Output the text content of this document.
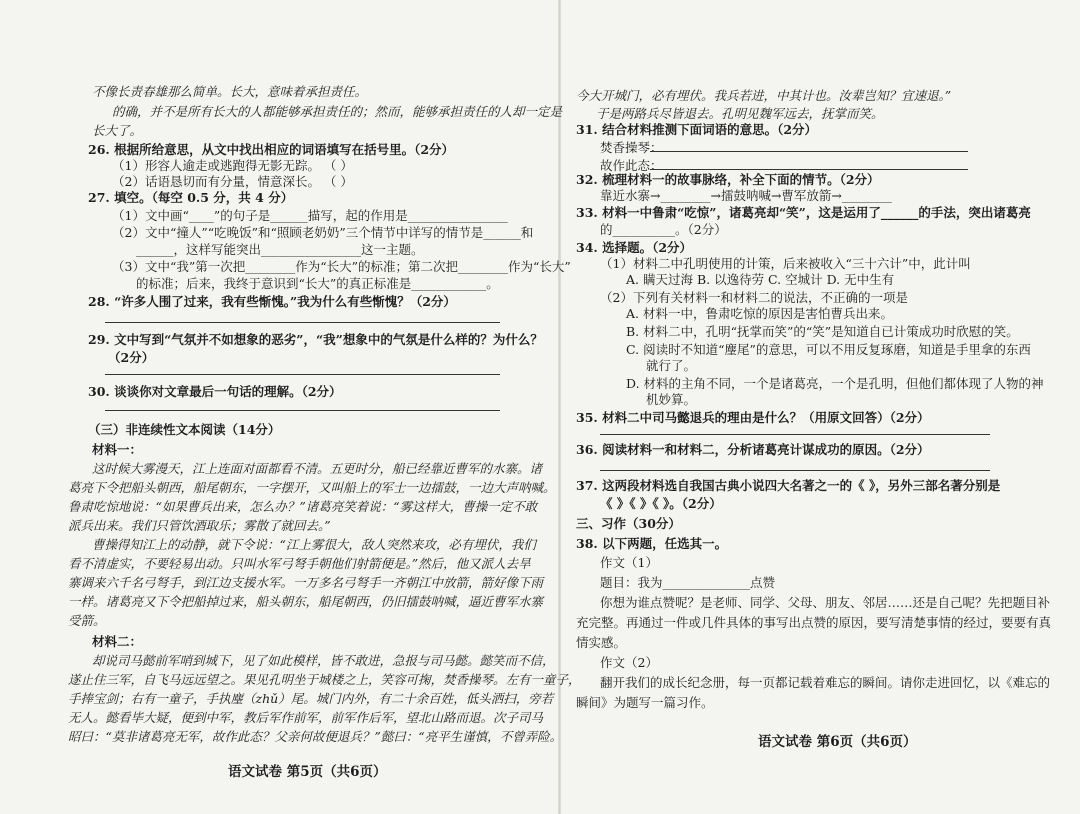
不像长责春雄那么简单。长大，意味着承担责任。
的确，并不是所有长大的人都能够承担责任的；然而，能够承担责任的人却一定是
长大了。
26. 根据所给意思，从文中找出相应的词语填写在括号里。（2分）
（1）形容人逾走或逃跑得无影无踪。 （ ）
（2）话语恳切而有分量，情意深长。 （ ）
27. 填空。（每空 0.5 分，共 4 分）
（1）文中画“____”的句子是______描写，起的作用是________________
（2）文中“撞人”“吃晚饭”和“照顾老奶奶”三个情节中详写的情节是______和
______，这样写能突出________________这一主题。
（3）文中“我”第一次把________作为“长大”的标准；第二次把________作为“长大”
的标准；后来，我终于意识到“长大”的真正标准是____________。
28. “许多人围了过来，我有些惭愧。”我为什么有些惭愧？（2分）
29. 文中写到“气氛并不如想象的恶劣”，“我”想象中的气氛是什么样的？为什么？
（2分）
30. 谈谈你对文章最后一句话的理解。（2分）
（三）非连续性文本阅读（14分）
材料一：
这时候大雾漫天，江上连面对面都看不清。五更时分，船已经靠近曹军的水寨。诸
葛亮下令把船头朝西，船尾朝东，一字摆开，又叫船上的军士一边擂鼓，一边大声呐喊。
鲁肃吃惊地说：“如果曹兵出来，怎么办？”诸葛亮笑着说：“雾这样大，曹操一定不敢
派兵出来。我们只管饮酒取乐；雾散了就回去。”
曹操得知江上的动静，就下令说：“江上雾很大，敌人突然来攻，必有埋伏，我们
看不清虚实，不要轻易出动。只叫水军弓弩手朝他们射箭便是。”然后，他又派人去旱
寨调来六千名弓弩手，到江边支援水军。一万多名弓弩手一齐朝江中放箭，箭好像下雨
一样。诸葛亮又下令把船掉过来，船头朝东，船尾朝西，仍旧擂鼓呐喊，逼近曹军水寨
受箭。
材料二：
却说司马懿前军哨到城下，见了如此模样，皆不敢进，急报与司马懿。懿笑而不信，
遂止住三军，自飞马远远望之。果见孔明坐于城楼之上，笑容可掬，焚香操琴。左有一童子，
手捧宝剑；右有一童子，手执麈（zhǔ）尾。城门内外，有二十余百姓，低头洒扫，旁若
无人。懿看毕大疑，便到中军，教后军作前军，前军作后军，望北山路而退。次子司马
昭曰：“莫非诸葛亮无军，故作此态？父亲何故便退兵？”懿曰：“亮平生谨慎，不曾弄险。
语文试卷 第5页（共6页）
今大开城门，必有埋伏。我兵若进，中其计也。汝辈岂知？宜速退。”
于是两路兵尽皆退去。孔明见魏军远去，抚掌而笑。
31. 结合材料推测下面词语的意思。（2分）
焚香操琴：
故作此态：
32. 梳理材料一的故事脉络，补全下面的情节。（2分）
靠近水寨→________→擂鼓呐喊→曹军放箭→________
33. 材料一中鲁肃“吃惊”，诸葛亮却“笑”，这是运用了______的手法，突出诸葛亮
的__________。（2分）
34. 选择题。（2分）
（1）材料二中孔明使用的计策，后来被收入“三十六计”中，此计叫
A. 瞒天过海 B. 以逸待劳 C. 空城计 D. 无中生有
（2）下列有关材料一和材料二的说法，不正确的一项是
A. 材料一中，鲁肃吃惊的原因是害怕曹兵出来。
B. 材料二中，孔明“抚掌而笑”的“笑”是知道自已计策成功时欣慰的笑。
C. 阅读时不知道“麈尾”的意思，可以不用反复琢磨，知道是手里拿的东西
就行了。
D. 材料的主角不同，一个是诸葛亮，一个是孔明，但他们都体现了人物的神
机妙算。
35. 材料二中司马懿退兵的理由是什么？（用原文回答）（2分）
36. 阅读材料一和材料二，分析诸葛亮计谋成功的原因。（2分）
37. 这两段材料选自我国古典小说四大名著之一的《 》，另外三部名著分别是
《 》《 》《 》。（2分）
三、习作（30分）
38. 以下两题，任选其一。
作文（1）
题目：我为______________点赞
你想为谁点赞呢？是老师、同学、父母、朋友、邻居……还是自己呢？先把题目补
充完整。再通过一件或几件具体的事写出点赞的原因，要写清楚事情的经过，要要有真
情实感。
作文（2）
翻开我们的成长纪念册，每一页都记载着难忘的瞬间。请你走进回忆，以《难忘的
瞬间》为题写一篇习作。
语文试卷 第6页（共6页）
